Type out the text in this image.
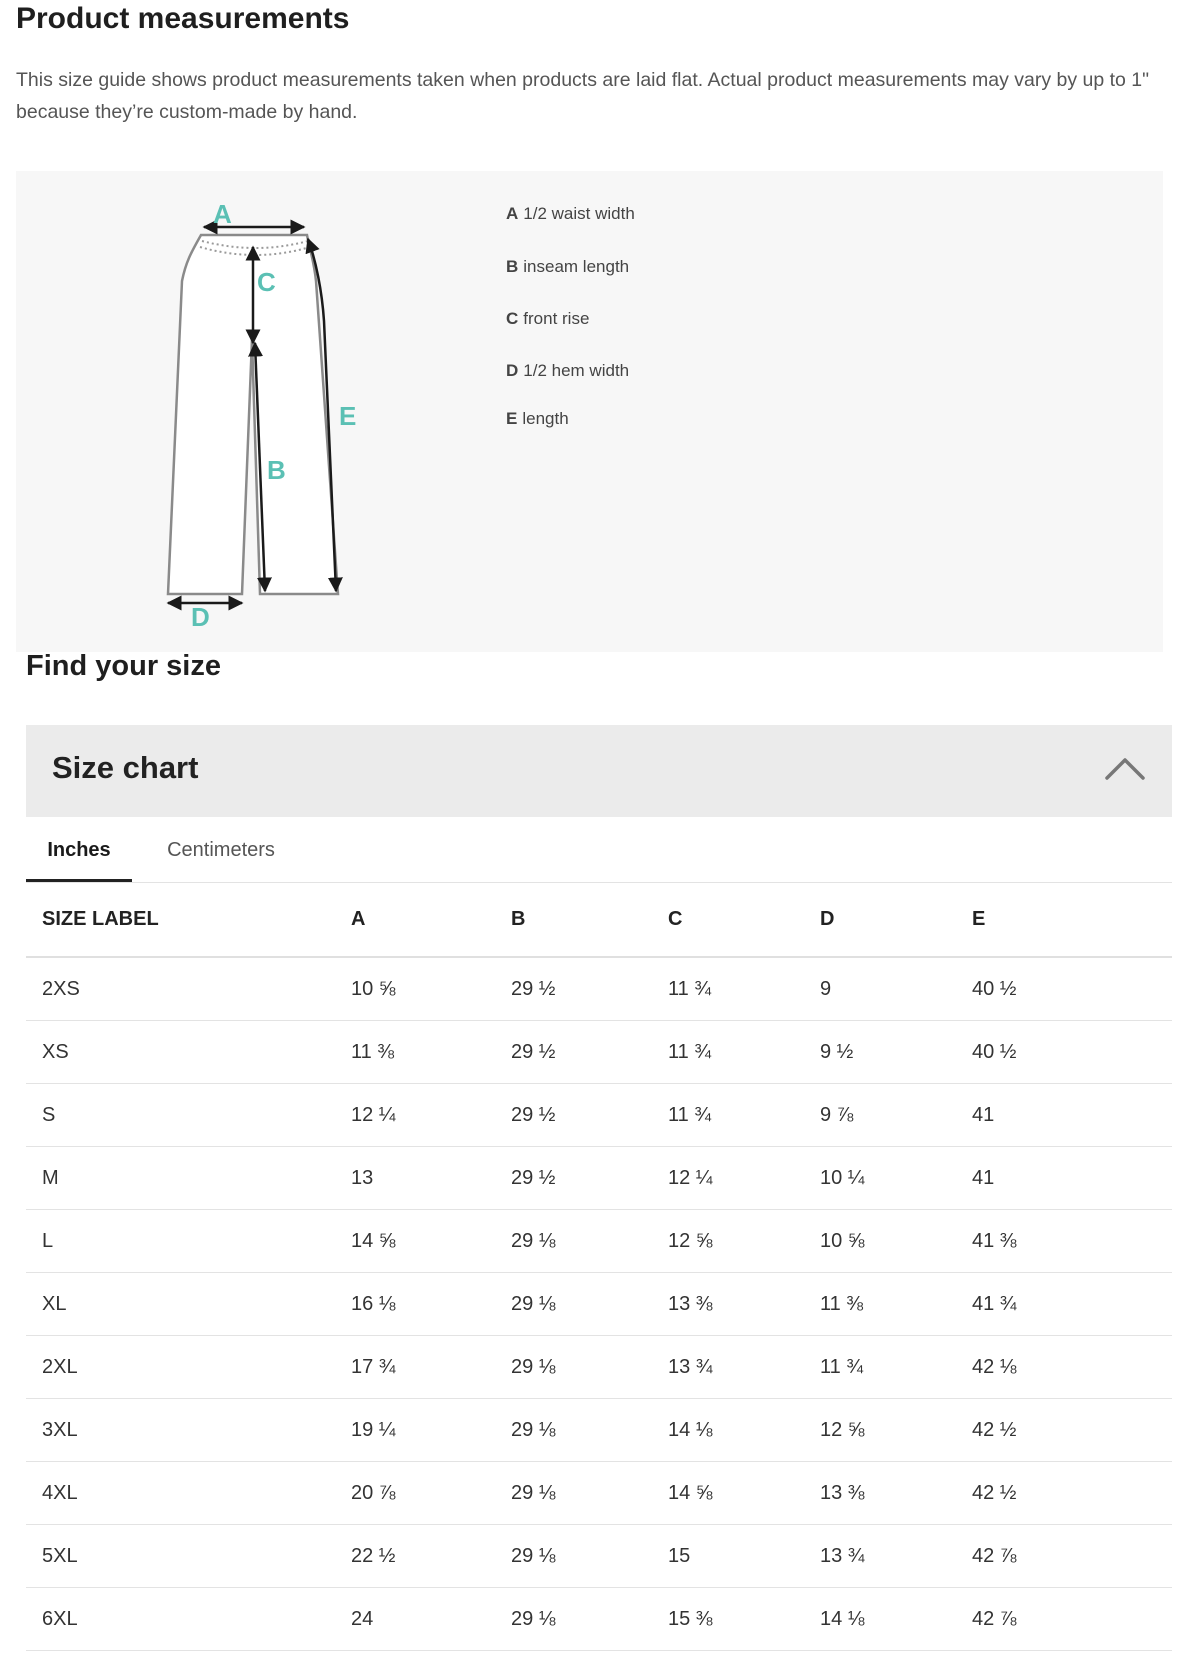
Product measurements

This size guide shows product measurements taken when products are laid flat. Actual product measurements may vary by up to 1" because they’re custom-made by hand.

A
C
E
B
D
A 1/2 waist width
B inseam length
C front rise
D 1/2 hem width
E length
Find your size
Size chart
Inches	Centimeters
SIZE LABEL	A	B	C	D	E
2XS	10 ⅝	29 ½	11 ¾	9	40 ½
XS	11 ⅜	29 ½	11 ¾	9 ½	40 ½
S	12 ¼	29 ½	11 ¾	9 ⅞	41
M	13	29 ½	12 ¼	10 ¼	41
L	14 ⅝	29 ⅛	12 ⅝	10 ⅝	41 ⅜
XL	16 ⅛	29 ⅛	13 ⅜	11 ⅜	41 ¾
2XL	17 ¾	29 ⅛	13 ¾	11 ¾	42 ⅛
3XL	19 ¼	29 ⅛	14 ⅛	12 ⅝	42 ½
4XL	20 ⅞	29 ⅛	14 ⅝	13 ⅜	42 ½
5XL	22 ½	29 ⅛	15	13 ¾	42 ⅞
6XL	24	29 ⅛	15 ⅜	14 ⅛	42 ⅞
